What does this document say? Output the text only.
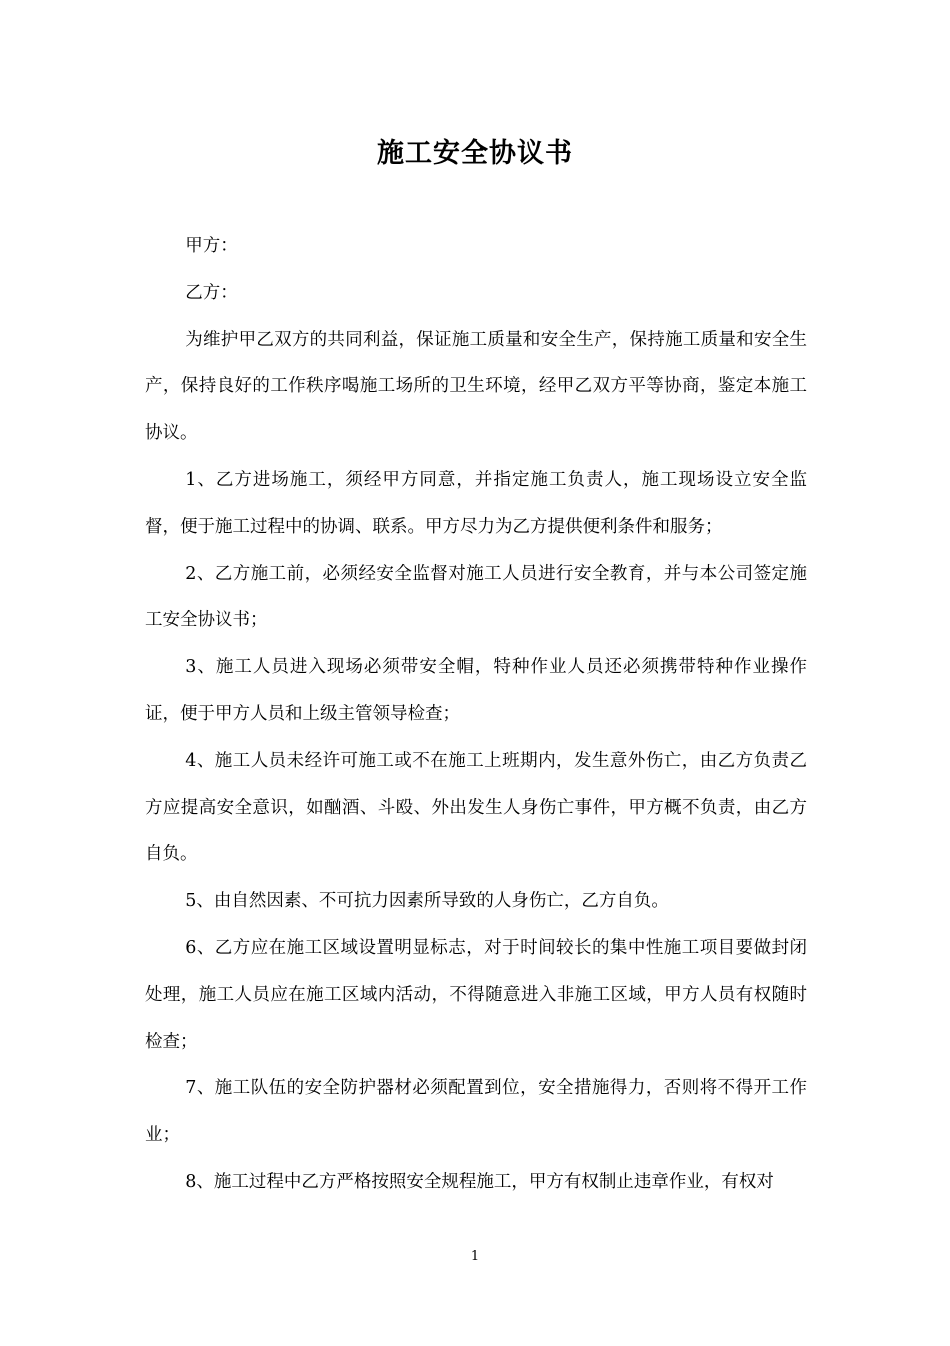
施工安全协议书

甲方：

乙方：

为维护甲乙双方的共同利益，保证施工质量和安全生产，保持施工质量和安全生产，保持良好的工作秩序喝施工场所的卫生环境，经甲乙双方平等协商，鉴定本施工协议。

1、乙方进场施工，须经甲方同意，并指定施工负责人，施工现场设立安全监督，便于施工过程中的协调、联系。甲方尽力为乙方提供便利条件和服务；

2、乙方施工前，必须经安全监督对施工人员进行安全教育，并与本公司签定施工安全协议书；

3、施工人员进入现场必须带安全帽，特种作业人员还必须携带特种作业操作证，便于甲方人员和上级主管领导检查；

4、施工人员未经许可施工或不在施工上班期内，发生意外伤亡，由乙方负责乙方应提高安全意识，如酗酒、斗殴、外出发生人身伤亡事件，甲方概不负责，由乙方自负。

5、由自然因素、不可抗力因素所导致的人身伤亡，乙方自负。

6、乙方应在施工区域设置明显标志，对于时间较长的集中性施工项目要做封闭处理，施工人员应在施工区域内活动，不得随意进入非施工区域，甲方人员有权随时检查；

7、施工队伍的安全防护器材必须配置到位，安全措施得力，否则将不得开工作业；

8、施工过程中乙方严格按照安全规程施工，甲方有权制止违章作业，有权对

1
